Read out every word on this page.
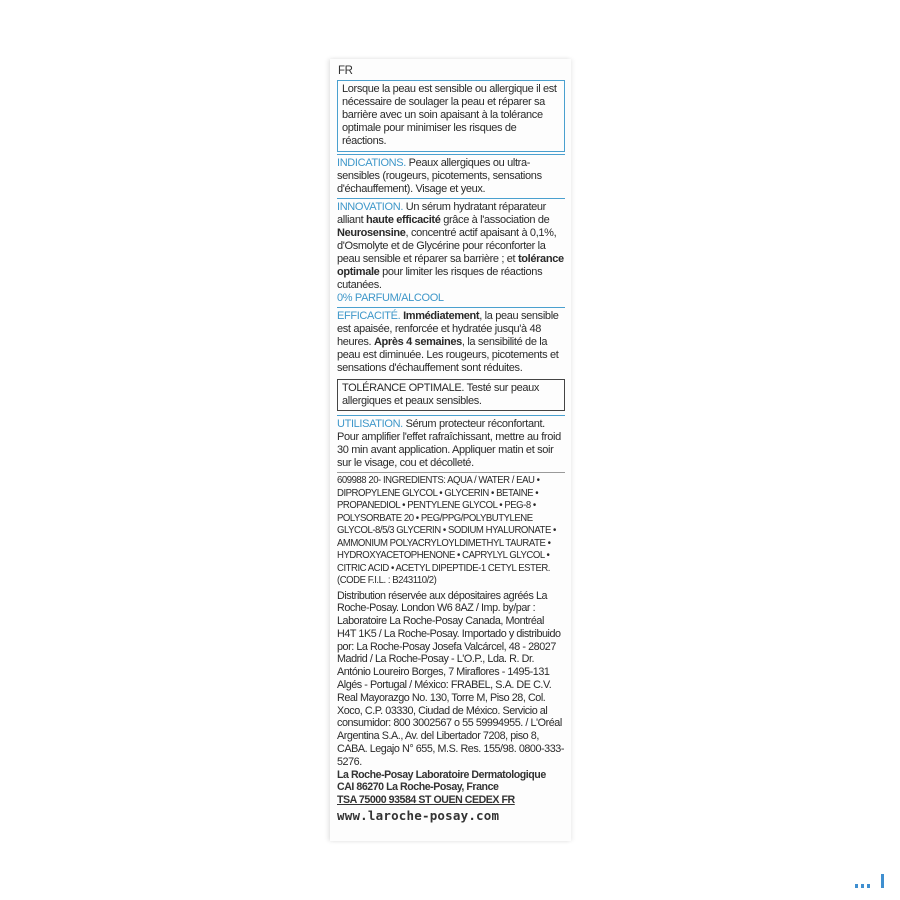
FR

Lorsque la peau est sensible ou allergique il est nécessaire de soulager la peau et réparer sa barrière avec un soin apaisant à la tolérance optimale pour minimiser les risques de réactions.

INDICATIONS. Peaux allergiques ou ultra-sensibles (rougeurs, picotements, sensations d'échauffement). Visage et yeux.

INNOVATION. Un sérum hydratant réparateur alliant haute efficacité grâce à l'association de Neurosensine, concentré actif apaisant à 0,1%, d'Osmolyte et de Glycérine pour réconforter la peau sensible et réparer sa barrière ; et tolérance optimale pour limiter les risques de réactions cutanées.

0% PARFUM/ALCOOL

EFFICACITÉ. Immédiatement, la peau sensible est apaisée, renforcée et hydratée jusqu'à 48 heures. Après 4 semaines, la sensibilité de la peau est diminuée. Les rougeurs, picotements et sensations d'échauffement sont réduites.

TOLÉRANCE OPTIMALE. Testé sur peaux allergiques et peaux sensibles.

UTILISATION. Sérum protecteur réconfortant. Pour amplifier l'effet rafraîchissant, mettre au froid 30 min avant application. Appliquer matin et soir sur le visage, cou et décolleté.

609988 20- INGREDIENTS: AQUA / WATER / EAU • DIPROPYLENE GLYCOL • GLYCERIN • BETAINE • PROPANEDIOL • PENTYLENE GLYCOL • PEG-8 • POLYSORBATE 20 • PEG/PPG/POLYBUTYLENE GLYCOL-8/5/3 GLYCERIN • SODIUM HYALURONATE • AMMONIUM POLYACRYLOYLDIMETHYL TAURATE • HYDROXYACETOPHENONE • CAPRYLYL GLYCOL • CITRIC ACID • ACETYL DIPEPTIDE-1 CETYL ESTER. (CODE F.I.L. : B243110/2)
Distribution réservée aux dépositaires agréés La Roche-Posay. London W6 8AZ / Imp. by/par : Laboratoire La Roche-Posay Canada, Montréal H4T 1K5 / La Roche-Posay. Importado y distribuido por: La Roche-Posay Josefa Valcárcel, 48 - 28027 Madrid / La Roche-Posay - L'O.P., Lda. R. Dr. António Loureiro Borges, 7 Miraflores - 1495-131 Algés - Portugal / México: FRABEL, S.A. DE C.V. Real Mayorazgo No. 130, Torre M, Piso 28, Col. Xoco, C.P. 03330, Ciudad de México. Servicio al consumidor: 800 3002567 o 55 59994955. / L'Oréal Argentina S.A., Av. del Libertador 7208, piso 8, CABA. Legajo N° 655, M.S. Res. 155/98. 0800-333-5276.
La Roche-Posay Laboratoire Dermatologique
CAI 86270 La Roche-Posay, France
TSA 75000 93584 ST OUEN CEDEX FR
www.laroche-posay.com
